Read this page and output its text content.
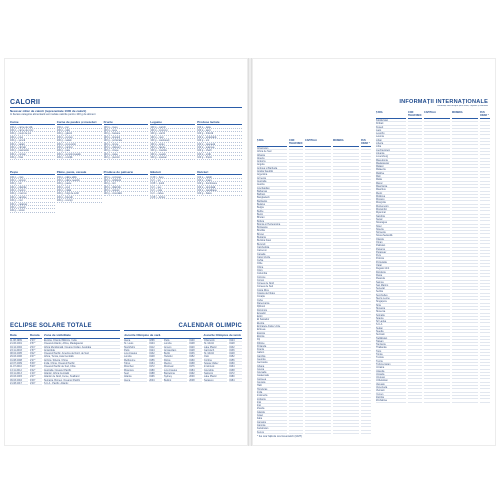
CALORII
Necesar zilnic de calorii (reprezentate 1000 de calorii)
În fiecare categorie alimentară sunt redate valorile pentru 100 g de aliment
Carne
100 g – carne de vită
100 g – carne de porc
100 g – piept de pui
100 g – miel
100 g – șuncă
100 g – salam
100 g – cârnați
100 g – pastramă
100 g – curcan
100 g – ficat
Carne de pasăre și mezeluri
100 g – pui
100 g – rață
100 g – gâscă
100 g – curcan
100 g – salam
100 g – crenvurști
100 g – parizer
100 g – pate
100 g – șuncă presată
100 g – costiță
Fructe
100 g – mere
100 g – pere
100 g – banane
100 g – struguri
100 g – portocale
100 g – prune
100 g – căpșuni
100 g – cireșe
100 g – caise
100 g – piersici
Legume
100 g – cartofi
100 g – morcovi
100 g – varză
100 g – roșii
100 g – castraveți
100 g – ardei
100 g – fasole
100 g – mazăre
100 g – ceapă
100 g – spanac
Produse lactate
100 g – lapte
100 g – iaurt
100 g – brânză
100 g – smântână
100 g – unt
100 g – cașcaval
100 g – telemea
100 g – chefir
100 g – urdă
100 g – frișcă
Pește
100 g – crap
100 g – somon
100 g – ton
100 g – păstrăv
100 g – hering
100 g – macrou
100 g – sardine
100 g – cod
100 g – calamar
100 g – creveți
100 g – scoici
Pâine, paste, cereale
100 g – pâine albă
100 g – pâine neagră
100 g – paste
100 g – orez
100 g – mălai
100 g – fulgi de ovăz
100 g – biscuiți
100 g – covrigi
Produse de patiserie
100 g – cozonac
100 g – prăjitură
100 g – tort
100 g – plăcintă
100 g – gogoși
100 g – ciocolată
Băuturi
0,33 l – bere
0,2 l – vin
0,05 l – țuică
0,2 l – suc
0,2 l – cola
0,2 l – cafea
0,05 l – lichior
Dulciuri
100 g – zahăr
100 g – miere
100 g – bomboane
100 g – ciocolată
100 g – napolitane
100 g – halva
ECLIPSE SOLARE TOTALE
Data	Durata	Zona de vizibilitate
11.08.1999	2'23"	Europa, Orientul Mijlociu, India
21.06.2001	4'57"	Oceanul Atlantic, Africa, Madagascar
04.12.2002	2'04"	Africa Meridională, Oceanul Indian, Australia
23.11.2003	1'57"	Antarctida
08.04.2005	0'42"	Oceanul Pacific, America de Nord, de Sud
29.03.2006	4'07"	Africa, Turcia, Asia Centrală
01.08.2008	2'27"	Arctica, Siberia, China
22.07.2009	6'39"	India, China, Oceanul Pacific
11.07.2010	5'20"	Oceanul Pacific de Sud, Chile
13.11.2012	4'02"	Australia, Oceanul Pacific
03.11.2013	1'40"	Atlantic, Africa Centrală
20.03.2015	2'47"	Atlantic de Nord, Feroe, Svalbard
09.03.2016	4'09"	Sumatra, Borneo, Oceanul Pacific
21.08.2017	2'40"	S.U.A., Pacific, Atlantic
CALENDAR OLIMPIC
Jocurile Olimpice de vară	Jocurile Olimpice de iarnă
Atena	1896	Paris	1900	Chamonix	1924
St. Louis	1904	Londra	1908	St. Moritz	1928
Stockholm	1912	Anvers	1920	Lake Placid	1932
Paris	1924	Amsterdam	1928	Garmisch	1936
Los Angeles	1932	Berlin	1936	St. Moritz	1948
Londra	1948	Helsinki	1952	Oslo	1952
Melbourne	1956	Roma	1960	Cortina	1956
Tokyo	1964	Mexico	1968	Squaw Valley	1960
München	1972	Montreal	1976	Innsbruck	1964
Moscova	1980	Los Angeles	1984	Grenoble	1968
Seul	1988	Barcelona	1992	Sapporo	1972
Atlanta	1996	Sydney	2000	Lake Placid	1980
Atena	2004	Beijing	2008	Sarajevo	1984
INFORMAȚII INTERNAȚIONALE
Informații utile despre țările lumii, capitale și monede
ȚARA	COD TELEFONIC
CAPITALA	MONEDA	FUS ORAR *
Afganistan
Africa de Sud
Albania
Algeria
Andorra
Angola
Antigua și Barbuda
Arabia Saudită
Argentina
Armenia
Australia
Austria
Azerbaidjan
Bahamas
Bahrain
Bangladesh
Barbados
Belarus
Belgia
Belize
Benin
Bhutan
Bolivia
Bosnia și Herțegovina
Botswana
Brazilia
Brunei
Bulgaria
Burkina Faso
Burundi
Cambodgia
Camerun
Canada
Capul Verde
Cehia
Chile
China
Cipru
Columbia
Comore
Congo
Coreea de Nord
Coreea de Sud
Costa Rica
Coasta de Fildeș
Croația
Cuba
Danemarca
Djibouti
Dominica
Ecuador
Egipt
El Salvador
Elveția
Emiratele Arabe Unite
Eritreea
Estonia
Etiopia
Fiji
Filipine
Finlanda
Franța
Gabon
Gambia
Georgia
Germania
Ghana
Grecia
Grenada
Guatemala
Guineea
Guyana
Haiti
Honduras
India
Indonezia
Iordania
Irak
Iran
Irlanda
Islanda
Israel
Italia
Jamaica
Japonia
Kazahstan
Kenya
ȚARA	COD TELEFONIC
CAPITALA	MONEDA	FUS ORAR *
Kârgâzstan
Kiribati
Kuweit
Laos
Lesotho
Letonia
Liban
Liberia
Libia
Liechtenstein
Lituania
Luxemburg
Macedonia
Madagascar
Malawi
Malaezia
Maldive
Mali
Malta
Maroc
Mauritania
Mauritius
Mexic
Moldova
Monaco
Mongolia
Muntenegru
Mozambic
Myanmar
Namibia
Nepal
Nicaragua
Niger
Nigeria
Norvegia
Noua Zeelandă
Olanda
Oman
Pakistan
Panama
Paraguay
Peru
Polonia
Portugalia
Qatar
Regatul Unit
România
Rusia
Rwanda
Samoa
San Marino
Senegal
Serbia
Seychelles
Sierra Leone
Singapore
Siria
Slovacia
Slovenia
Somalia
Spania
Sri Lanka
S.U.A.
Sudan
Suedia
Surinam
Tadjikistan
Taiwan
Tanzania
Thailanda
Togo
Tonga
Tunisia
Turcia
Turkmenistan
Ucraina
Uganda
Ungaria
Uruguay
Uzbekistan
Vanuatu
Venezuela
Vietnam
Yemen
Zambia
Zimbabwe
* fus orar față de ora Greenwich (GMT)
